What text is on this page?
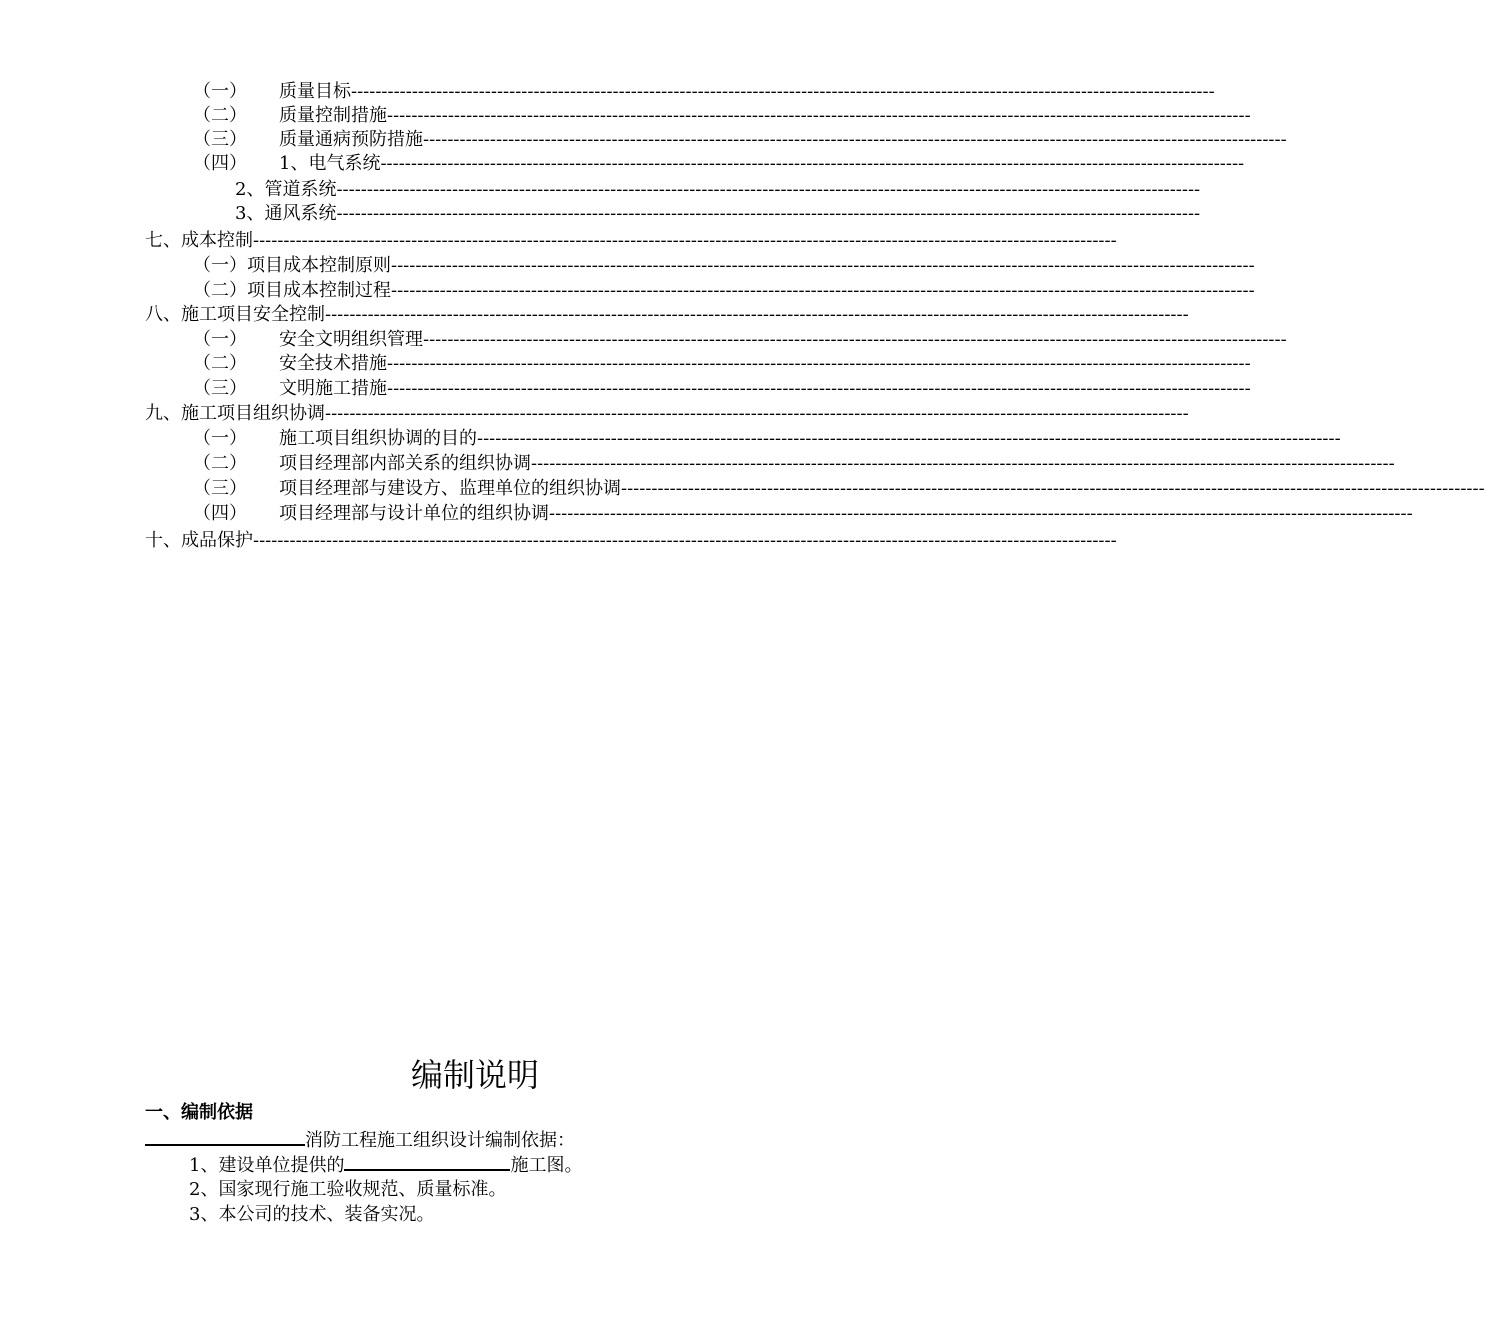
（一） 质量目标 ----------------------------------------------------------------------------------------------------------------------------------------------
（二） 质量控制措施 ----------------------------------------------------------------------------------------------------------------------------------------------
（三） 质量通病预防措施 ----------------------------------------------------------------------------------------------------------------------------------------------
（四） 1、电气系统 ----------------------------------------------------------------------------------------------------------------------------------------------
2、管道系统 ----------------------------------------------------------------------------------------------------------------------------------------------
3、通风系统 ----------------------------------------------------------------------------------------------------------------------------------------------
七、成本控制 ----------------------------------------------------------------------------------------------------------------------------------------------
（一）项目成本控制原则 ----------------------------------------------------------------------------------------------------------------------------------------------
（二）项目成本控制过程 ----------------------------------------------------------------------------------------------------------------------------------------------
八、施工项目安全控制 ----------------------------------------------------------------------------------------------------------------------------------------------
（一） 安全文明组织管理 ----------------------------------------------------------------------------------------------------------------------------------------------
（二） 安全技术措施 ----------------------------------------------------------------------------------------------------------------------------------------------
（三） 文明施工措施 ----------------------------------------------------------------------------------------------------------------------------------------------
九、施工项目组织协调 ----------------------------------------------------------------------------------------------------------------------------------------------
（一） 施工项目组织协调的目的 ----------------------------------------------------------------------------------------------------------------------------------------------
（二） 项目经理部内部关系的组织协调 ----------------------------------------------------------------------------------------------------------------------------------------------
（三） 项目经理部与建设方、监理单位的组织协调 ----------------------------------------------------------------------------------------------------------------------------------------------
（四） 项目经理部与设计单位的组织协调 ----------------------------------------------------------------------------------------------------------------------------------------------
十、成品保护 ----------------------------------------------------------------------------------------------------------------------------------------------
编制说明
一、编制依据
消防工程施工组织设计编制依据：
1、建设单位提供的	施工图。
2、国家现行施工验收规范、质量标准。
3、本公司的技术、装备实况。
